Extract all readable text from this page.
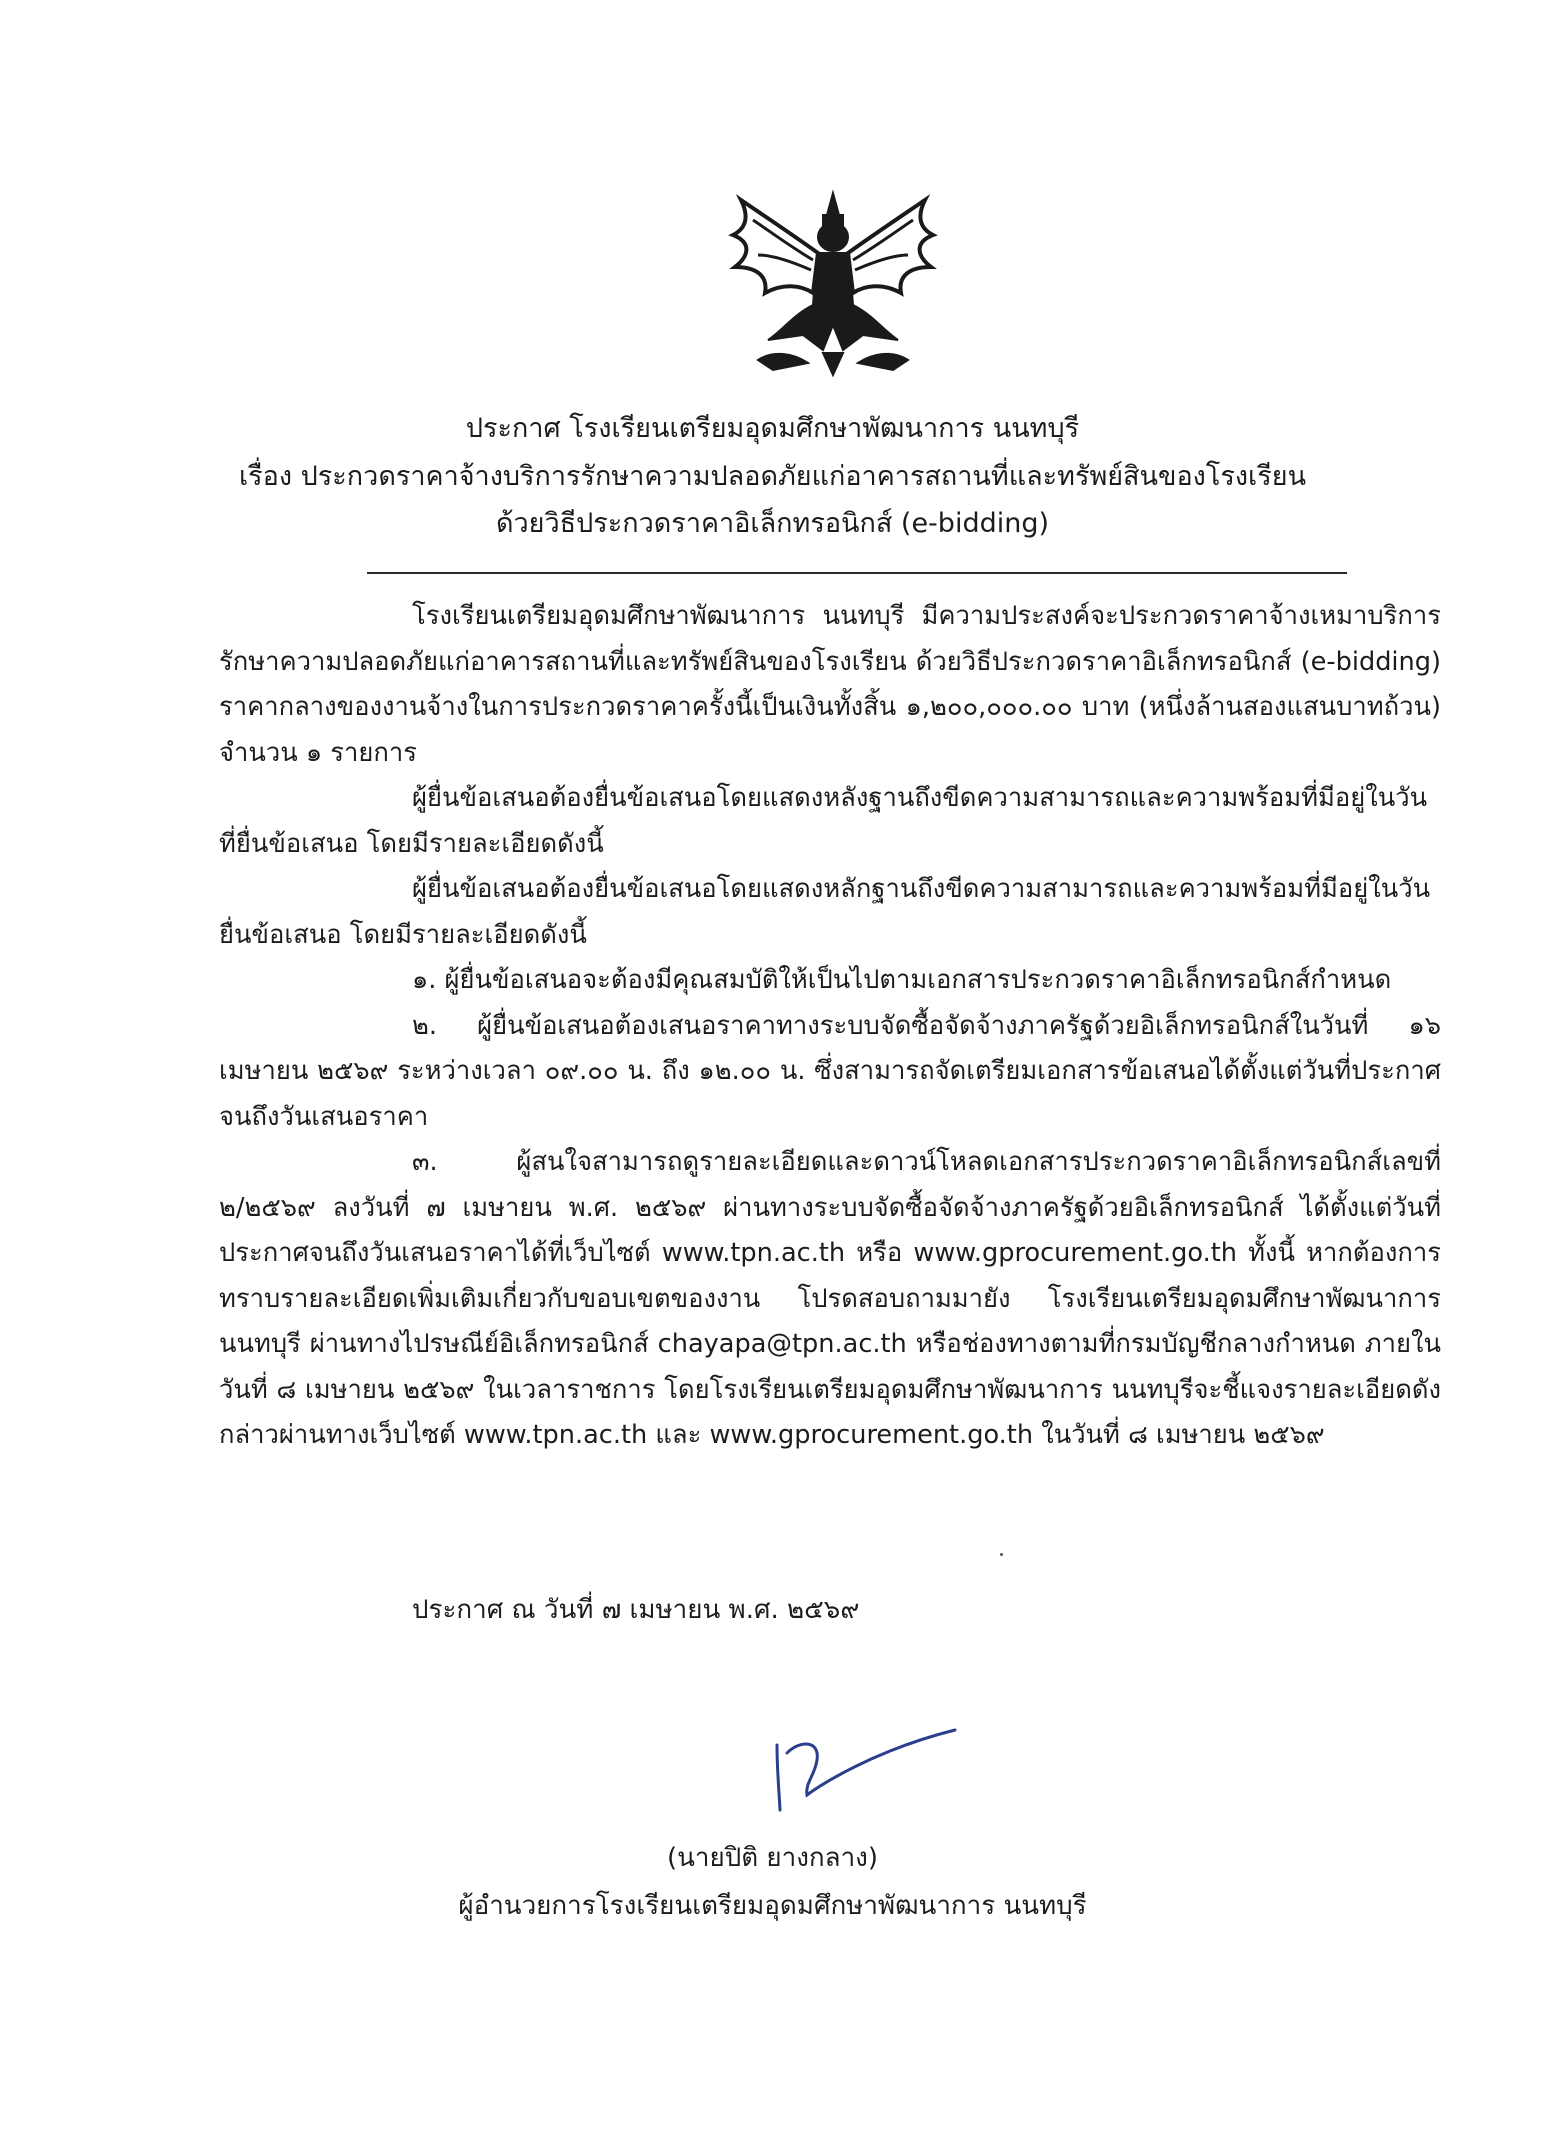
ประกาศ โรงเรียนเตรียมอุดมศึกษาพัฒนาการ นนทบุรี
เรื่อง ประกวดราคาจ้างบริการรักษาความปลอดภัยแก่อาคารสถานที่และทรัพย์สินของโรงเรียน
ด้วยวิธีประกวดราคาอิเล็กทรอนิกส์ (e-bidding)

โรงเรียนเตรียมอุดมศึกษาพัฒนาการ นนทบุรี มีความประสงค์จะประกวดราคาจ้างเหมาบริการรักษาความปลอดภัยแก่อาคารสถานที่และทรัพย์สินของโรงเรียน ด้วยวิธีประกวดราคาอิเล็กทรอนิกส์ (e-bidding) ราคากลางของงานจ้างในการประกวดราคาครั้งนี้เป็นเงินทั้งสิ้น ๑,๒๐๐,๐๐๐.๐๐ บาท (หนึ่งล้านสองแสนบาทถ้วน) จำนวน ๑ รายการ

ผู้ยื่นข้อเสนอต้องยื่นข้อเสนอโดยแสดงหลังฐานถึงขีดความสามารถและความพร้อมที่มีอยู่ในวันที่ยื่นข้อเสนอ โดยมีรายละเอียดดังนี้

ผู้ยื่นข้อเสนอต้องยื่นข้อเสนอโดยแสดงหลักฐานถึงขีดความสามารถและความพร้อมที่มีอยู่ในวันยื่นข้อเสนอ โดยมีรายละเอียดดังนี้

๑. ผู้ยื่นข้อเสนอจะต้องมีคุณสมบัติให้เป็นไปตามเอกสารประกวดราคาอิเล็กทรอนิกส์กำหนด

๒. ผู้ยื่นข้อเสนอต้องเสนอราคาทางระบบจัดซื้อจัดจ้างภาครัฐด้วยอิเล็กทรอนิกส์ในวันที่ ๑๖ เมษายน ๒๕๖๙ ระหว่างเวลา ๐๙.๐๐ น. ถึง ๑๒.๐๐ น. ซึ่งสามารถจัดเตรียมเอกสารข้อเสนอได้ตั้งแต่วันที่ประกาศจนถึงวันเสนอราคา

๓. ผู้สนใจสามารถดูรายละเอียดและดาวน์โหลดเอกสารประกวดราคาอิเล็กทรอนิกส์เลขที่ ๒/๒๕๖๙ ลงวันที่ ๗ เมษายน พ.ศ. ๒๕๖๙ ผ่านทางระบบจัดซื้อจัดจ้างภาครัฐด้วยอิเล็กทรอนิกส์ ได้ตั้งแต่วันที่ประกาศจนถึงวันเสนอราคาได้ที่เว็บไซต์ www.tpn.ac.th หรือ www.gprocurement.go.th ทั้งนี้ หากต้องการทราบรายละเอียดเพิ่มเติมเกี่ยวกับขอบเขตของงาน โปรดสอบถามมายัง โรงเรียนเตรียมอุดมศึกษาพัฒนาการนนทบุรี ผ่านทางไปรษณีย์อิเล็กทรอนิกส์ chayapa@tpn.ac.th หรือช่องทางตามที่กรมบัญชีกลางกำหนด ภายในวันที่ ๘ เมษายน ๒๕๖๙ ในเวลาราชการ โดยโรงเรียนเตรียมอุดมศึกษาพัฒนาการ นนทบุรีจะชี้แจงรายละเอียดดังกล่าวผ่านทางเว็บไซต์ www.tpn.ac.th และ www.gprocurement.go.th ในวันที่ ๘ เมษายน ๒๕๖๙

ประกาศ ณ วันที่ ๗ เมษายน พ.ศ. ๒๕๖๙
(นายปิติ ยางกลาง)
ผู้อำนวยการโรงเรียนเตรียมอุดมศึกษาพัฒนาการ นนทบุรี
